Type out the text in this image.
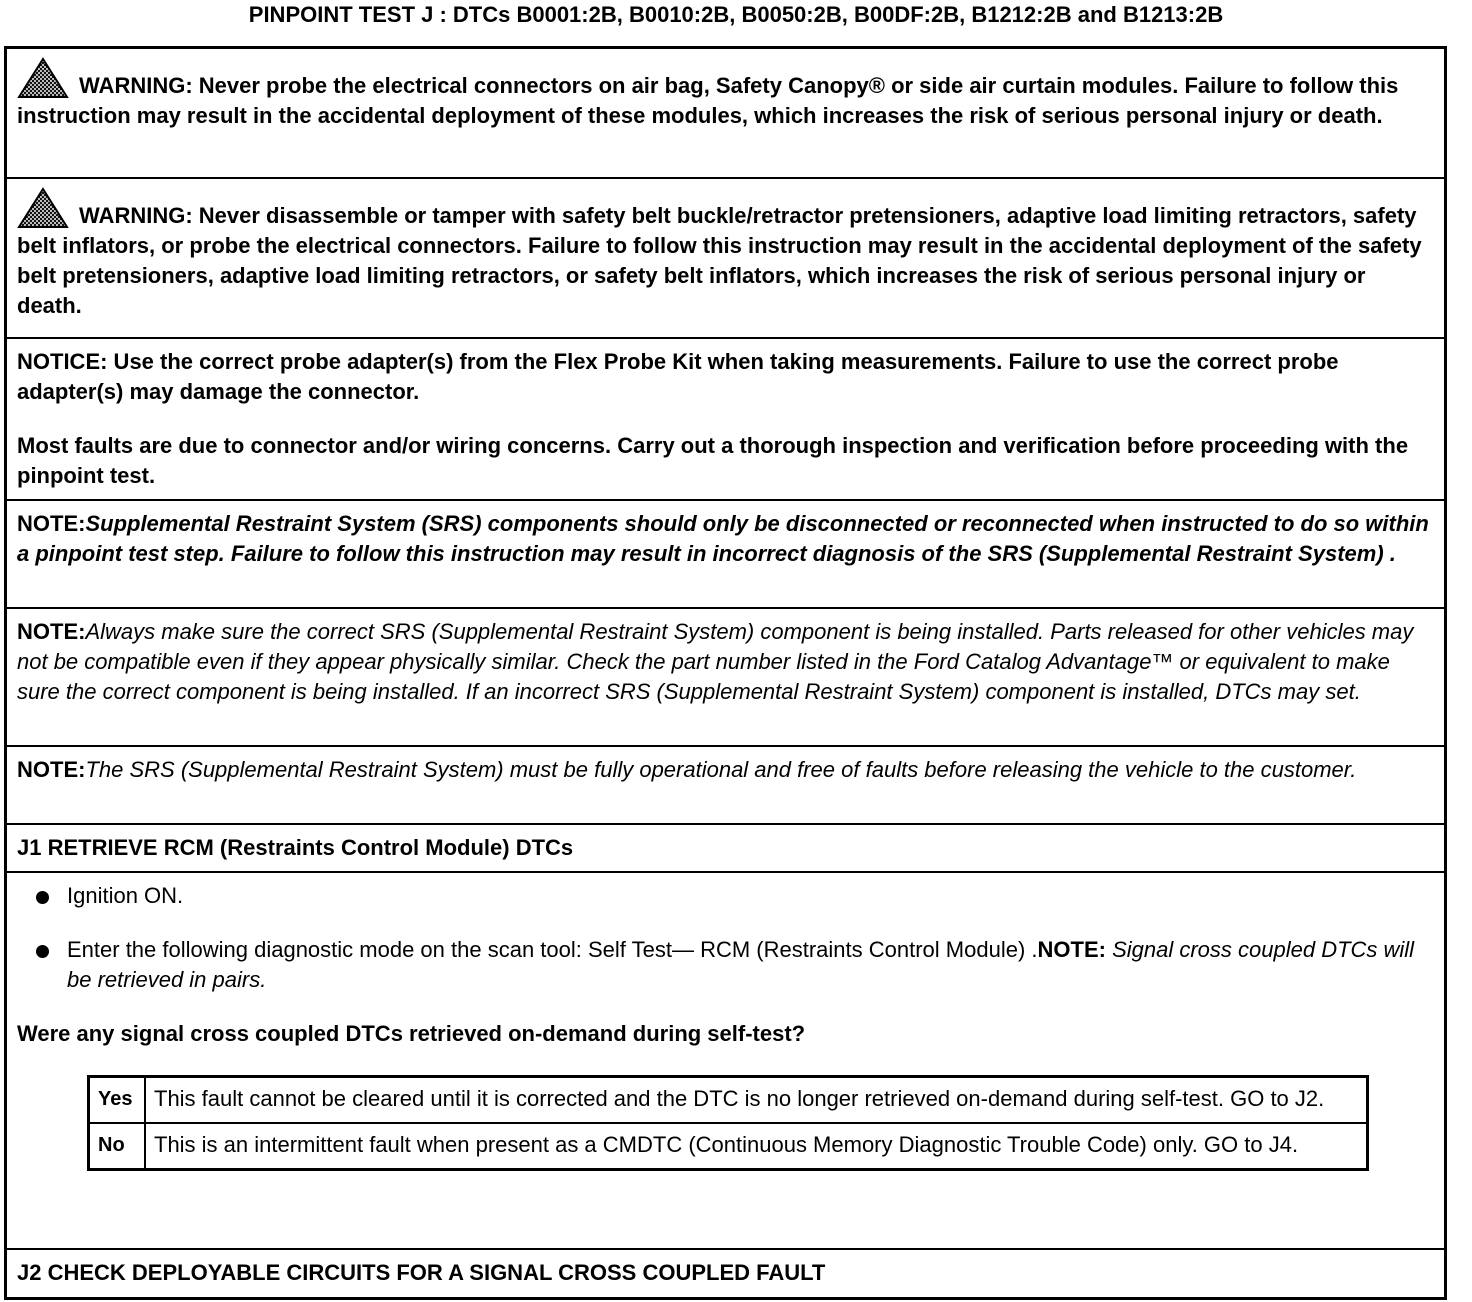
PINPOINT TEST J : DTCs B0001:2B, B0010:2B, B0050:2B, B00DF:2B, B1212:2B and B1213:2B
WARNING: Never probe the electrical connectors on air bag, Safety Canopy® or side air curtain modules. Failure to follow this instruction may result in the accidental deployment of these modules, which increases the risk of serious personal injury or death.
WARNING: Never disassemble or tamper with safety belt buckle/retractor pretensioners, adaptive load limiting retractors, safety belt inflators, or probe the electrical connectors. Failure to follow this instruction may result in the accidental deployment of the safety belt pretensioners, adaptive load limiting retractors, or safety belt inflators, which increases the risk of serious personal injury or death.
NOTICE: Use the correct probe adapter(s) from the Flex Probe Kit when taking measurements. Failure to use the correct probe adapter(s) may damage the connector.
Most faults are due to connector and/or wiring concerns. Carry out a thorough inspection and verification before proceeding with the pinpoint test.
NOTE:Supplemental Restraint System (SRS) components should only be disconnected or reconnected when instructed to do so within a pinpoint test step. Failure to follow this instruction may result in incorrect diagnosis of the SRS (Supplemental Restraint System) .
NOTE:Always make sure the correct SRS (Supplemental Restraint System) component is being installed. Parts released for other vehicles may not be compatible even if they appear physically similar. Check the part number listed in the Ford Catalog Advantage™ or equivalent to make sure the correct component is being installed. If an incorrect SRS (Supplemental Restraint System) component is installed, DTCs may set.
NOTE:The SRS (Supplemental Restraint System) must be fully operational and free of faults before releasing the vehicle to the customer.
J1 RETRIEVE RCM (Restraints Control Module) DTCs
Ignition ON.
Enter the following diagnostic mode on the scan tool: Self Test— RCM (Restraints Control Module) .NOTE: Signal cross coupled DTCs will be retrieved in pairs.
Were any signal cross coupled DTCs retrieved on-demand during self-test?
Yes	This fault cannot be cleared until it is corrected and the DTC is no longer retrieved on-demand during self-test. GO to J2.
No	This is an intermittent fault when present as a CMDTC (Continuous Memory Diagnostic Trouble Code) only. GO to J4.
J2 CHECK DEPLOYABLE CIRCUITS FOR A SIGNAL CROSS COUPLED FAULT
